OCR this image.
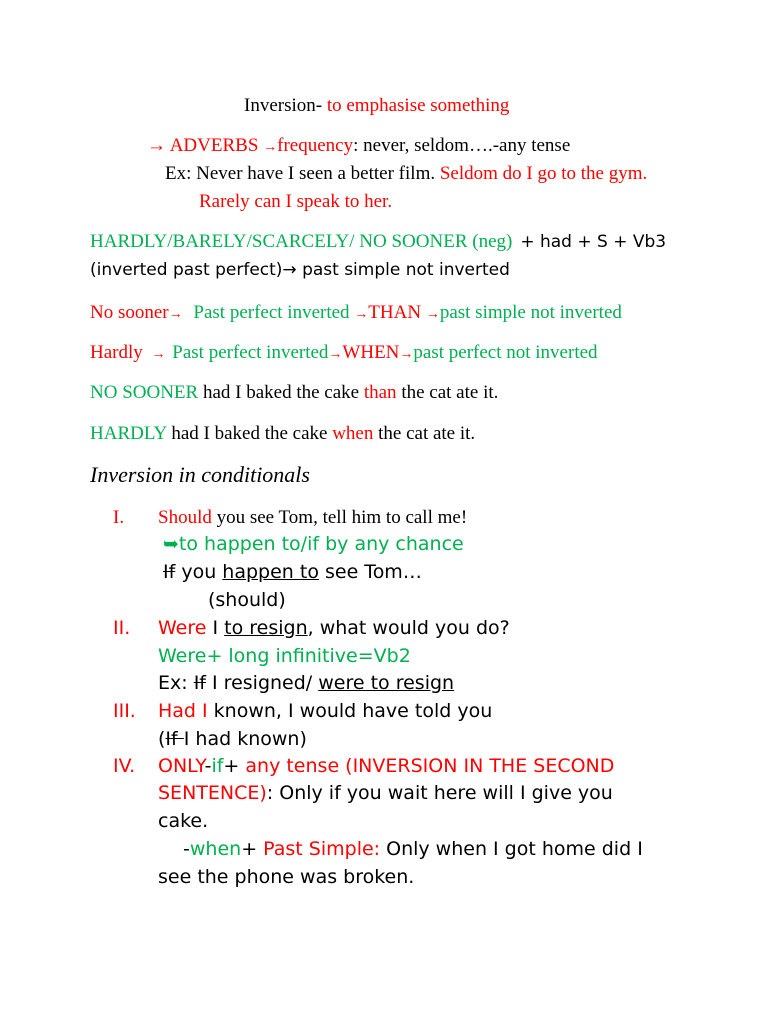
Inversion- to emphasise something
→ ADVERBS →frequency: never, seldom….-any tense
Ex: Never have I seen a better film. Seldom do I go to the gym.
Rarely can I speak to her.
HARDLY/BARELY/SCARCELY/ NO SOONER (neg) + had + S + Vb3
(inverted past perfect)→ past simple not inverted
No sooner→ Past perfect inverted →THAN →past simple not inverted
Hardly → Past perfect inverted→WHEN→past perfect not inverted
NO SOONER had I baked the cake than the cat ate it.
HARDLY had I baked the cake when the cat ate it.
Inversion in conditionals
I. Should you see Tom, tell him to call me!
➥to happen to/if by any chance
If you happen to see Tom…
(should)
II. Were I to resign, what would you do?
Were+ long infinitive=Vb2
Ex: If I resigned/ were to resign
III. Had I known, I would have told you
(If I had known)
IV. ONLY-if+ any tense (INVERSION IN THE SECOND
SENTENCE): Only if you wait here will I give you
cake.
-when+ Past Simple: Only when I got home did I
see the phone was broken.
